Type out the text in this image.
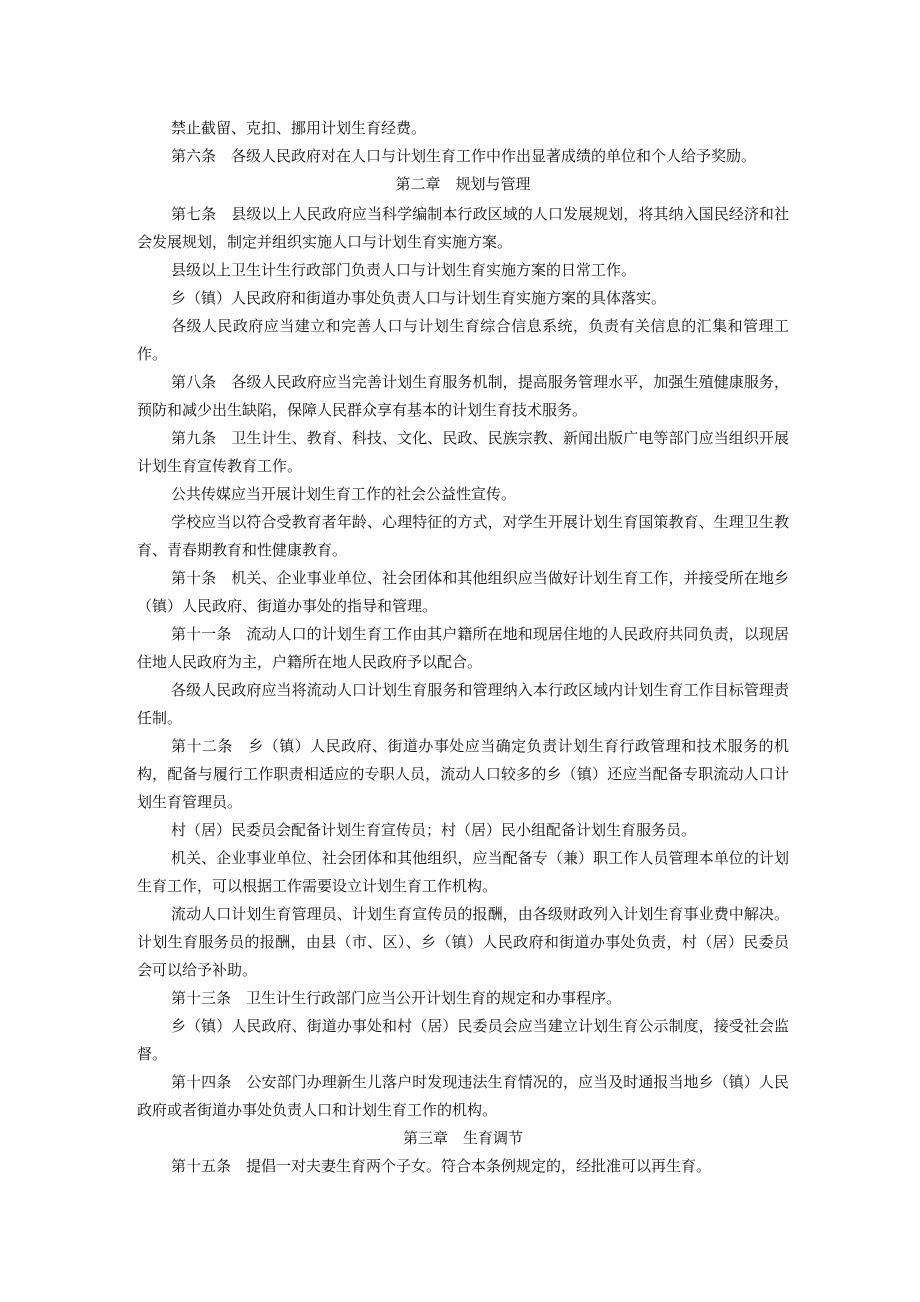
禁止截留、克扣、挪用计划生育经费。

第六条　各级人民政府对在人口与计划生育工作中作出显著成绩的单位和个人给予奖励。

第二章　规划与管理

第七条　县级以上人民政府应当科学编制本行政区域的人口发展规划，将其纳入国民经济和社会发展规划，制定并组织实施人口与计划生育实施方案。

县级以上卫生计生行政部门负责人口与计划生育实施方案的日常工作。

乡（镇）人民政府和街道办事处负责人口与计划生育实施方案的具体落实。

各级人民政府应当建立和完善人口与计划生育综合信息系统，负责有关信息的汇集和管理工作。

第八条　各级人民政府应当完善计划生育服务机制，提高服务管理水平，加强生殖健康服务，预防和减少出生缺陷，保障人民群众享有基本的计划生育技术服务。

第九条　卫生计生、教育、科技、文化、民政、民族宗教、新闻出版广电等部门应当组织开展计划生育宣传教育工作。

公共传媒应当开展计划生育工作的社会公益性宣传。

学校应当以符合受教育者年龄、心理特征的方式，对学生开展计划生育国策教育、生理卫生教育、青春期教育和性健康教育。

第十条　机关、企业事业单位、社会团体和其他组织应当做好计划生育工作，并接受所在地乡（镇）人民政府、街道办事处的指导和管理。

第十一条　流动人口的计划生育工作由其户籍所在地和现居住地的人民政府共同负责，以现居住地人民政府为主，户籍所在地人民政府予以配合。

各级人民政府应当将流动人口计划生育服务和管理纳入本行政区域内计划生育工作目标管理责任制。

第十二条　乡（镇）人民政府、街道办事处应当确定负责计划生育行政管理和技术服务的机构，配备与履行工作职责相适应的专职人员，流动人口较多的乡（镇）还应当配备专职流动人口计划生育管理员。

村（居）民委员会配备计划生育宣传员；村（居）民小组配备计划生育服务员。

机关、企业事业单位、社会团体和其他组织，应当配备专（兼）职工作人员管理本单位的计划生育工作，可以根据工作需要设立计划生育工作机构。

流动人口计划生育管理员、计划生育宣传员的报酬，由各级财政列入计划生育事业费中解决。计划生育服务员的报酬，由县（市、区）、乡（镇）人民政府和街道办事处负责，村（居）民委员会可以给予补助。

第十三条　卫生计生行政部门应当公开计划生育的规定和办事程序。

乡（镇）人民政府、街道办事处和村（居）民委员会应当建立计划生育公示制度，接受社会监督。

第十四条　公安部门办理新生儿落户时发现违法生育情况的，应当及时通报当地乡（镇）人民政府或者街道办事处负责人口和计划生育工作的机构。

第三章　生育调节

第十五条　提倡一对夫妻生育两个子女。符合本条例规定的，经批准可以再生育。
